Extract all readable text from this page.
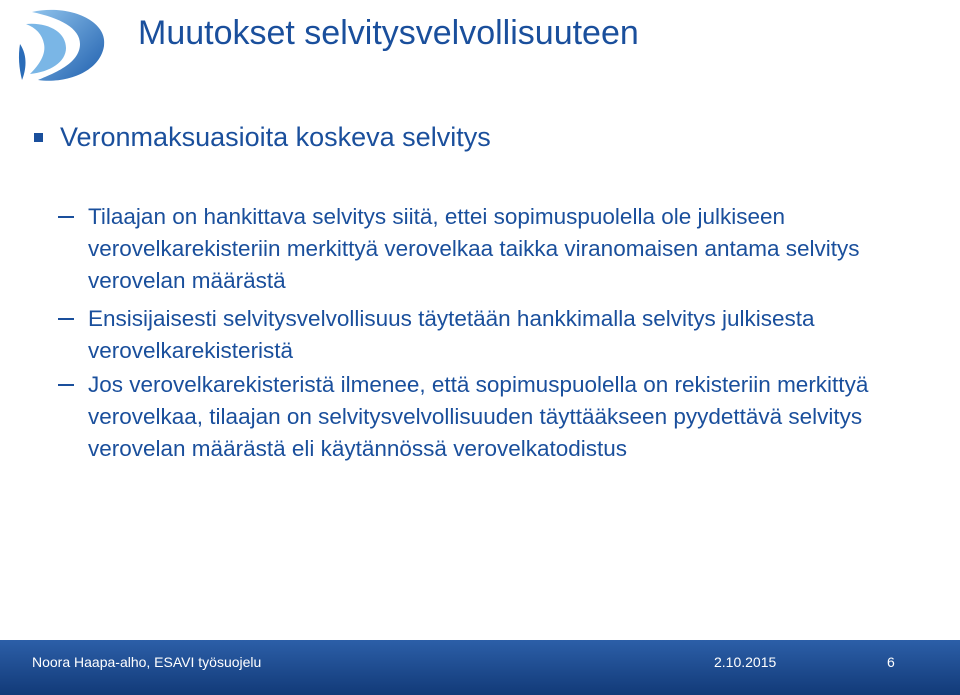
Muutokset selvitysvelvollisuuteen
Veronmaksuasioita koskeva selvitys
Tilaajan on hankittava selvitys siitä, ettei sopimuspuolella ole julkiseen verovelkarekisteriin merkittyä verovelkaa taikka viranomaisen antama selvitys verovelan määrästä
Ensisijaisesti selvitysvelvollisuus täytetään hankkimalla selvitys julkisesta verovelkarekisteristä
Jos verovelkarekisteristä ilmenee, että sopimuspuolella on rekisteriin merkittyä verovelkaa, tilaajan on selvitysvelvollisuuden täyttääkseen pyydettävä selvitys verovelan määrästä eli käytännössä verovelkatodistus
Noora Haapa-alho, ESAVI työsuojelu	2.10.2015	6
